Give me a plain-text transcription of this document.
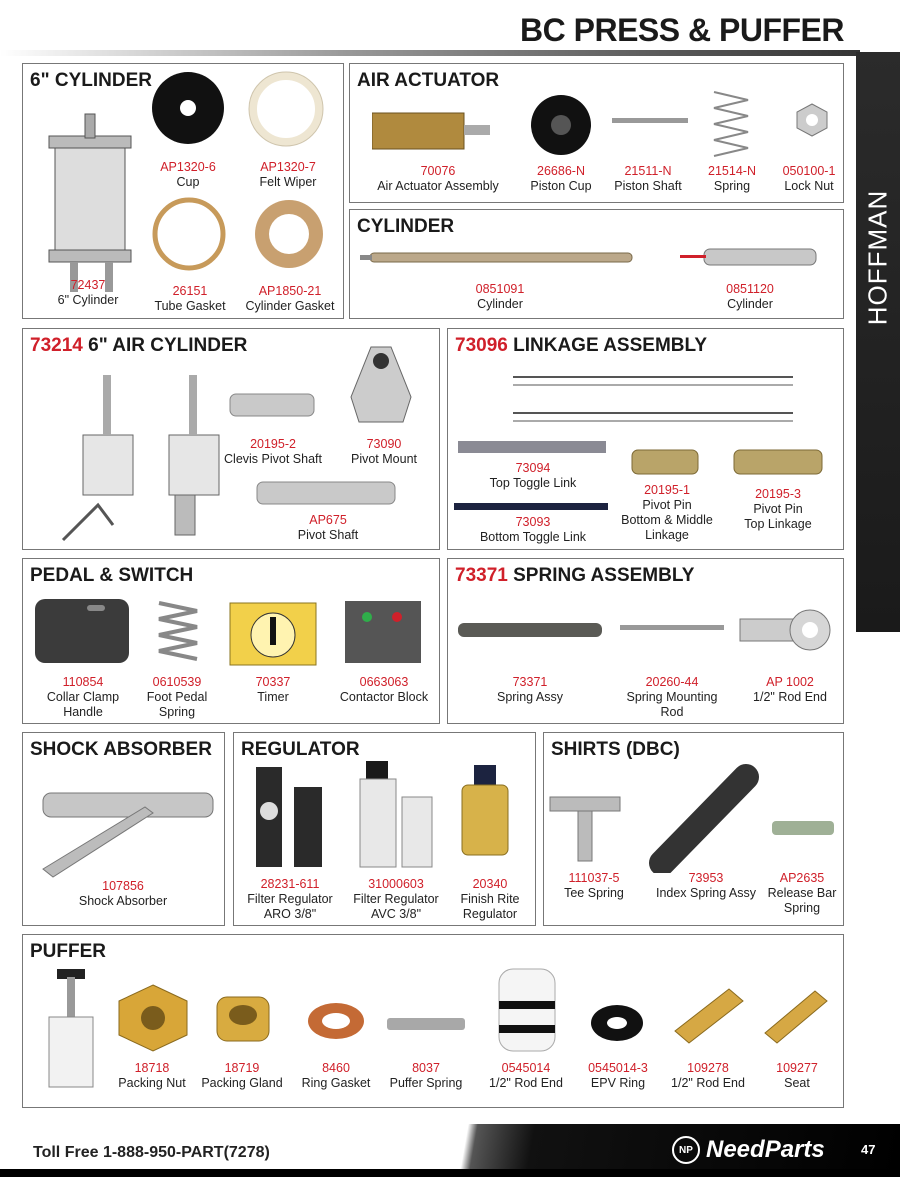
BC PRESS & PUFFER
HOFFMAN
6" CYLINDER
AP1320-6
Cup
AP1320-7
Felt Wiper
72437
6" Cylinder
26151
Tube Gasket
AP1850-21
Cylinder Gasket
AIR ACTUATOR
70076
Air Actuator Assembly
26686-N
Piston Cup
21511-N
Piston Shaft
21514-N
Spring
050100-1
Lock Nut
CYLINDER
0851091
Cylinder
0851120
Cylinder
73214 6" AIR CYLINDER
20195-2
Clevis Pivot Shaft
73090
Pivot Mount
AP675
Pivot Shaft
73096 LINKAGE ASSEMBLY
73094
Top Toggle Link
73093
Bottom Toggle Link
20195-1
Pivot Pin
Bottom & Middle
Linkage
20195-3
Pivot Pin
Top Linkage
PEDAL & SWITCH
110854
Collar Clamp
Handle
0610539
Foot Pedal
Spring
70337
Timer
0663063
Contactor Block
73371 SPRING ASSEMBLY
73371
Spring Assy
20260-44
Spring Mounting
Rod
AP 1002
1/2" Rod End
SHOCK ABSORBER
107856
Shock Absorber
REGULATOR
28231-611
Filter Regulator
ARO 3/8"
31000603
Filter Regulator
AVC 3/8"
20340
Finish Rite
Regulator
SHIRTS (DBC)
111037-5
Tee Spring
73953
Index Spring Assy
AP2635
Release Bar
Spring
PUFFER
18718
Packing Nut
18719
Packing Gland
8460
Ring Gasket
8037
Puffer Spring
0545014
1/2" Rod End
0545014-3
EPV Ring
109278
1/2" Rod End
109277
Seat
Toll Free 1-888-950-PART(7278)	NP NeedParts	47
